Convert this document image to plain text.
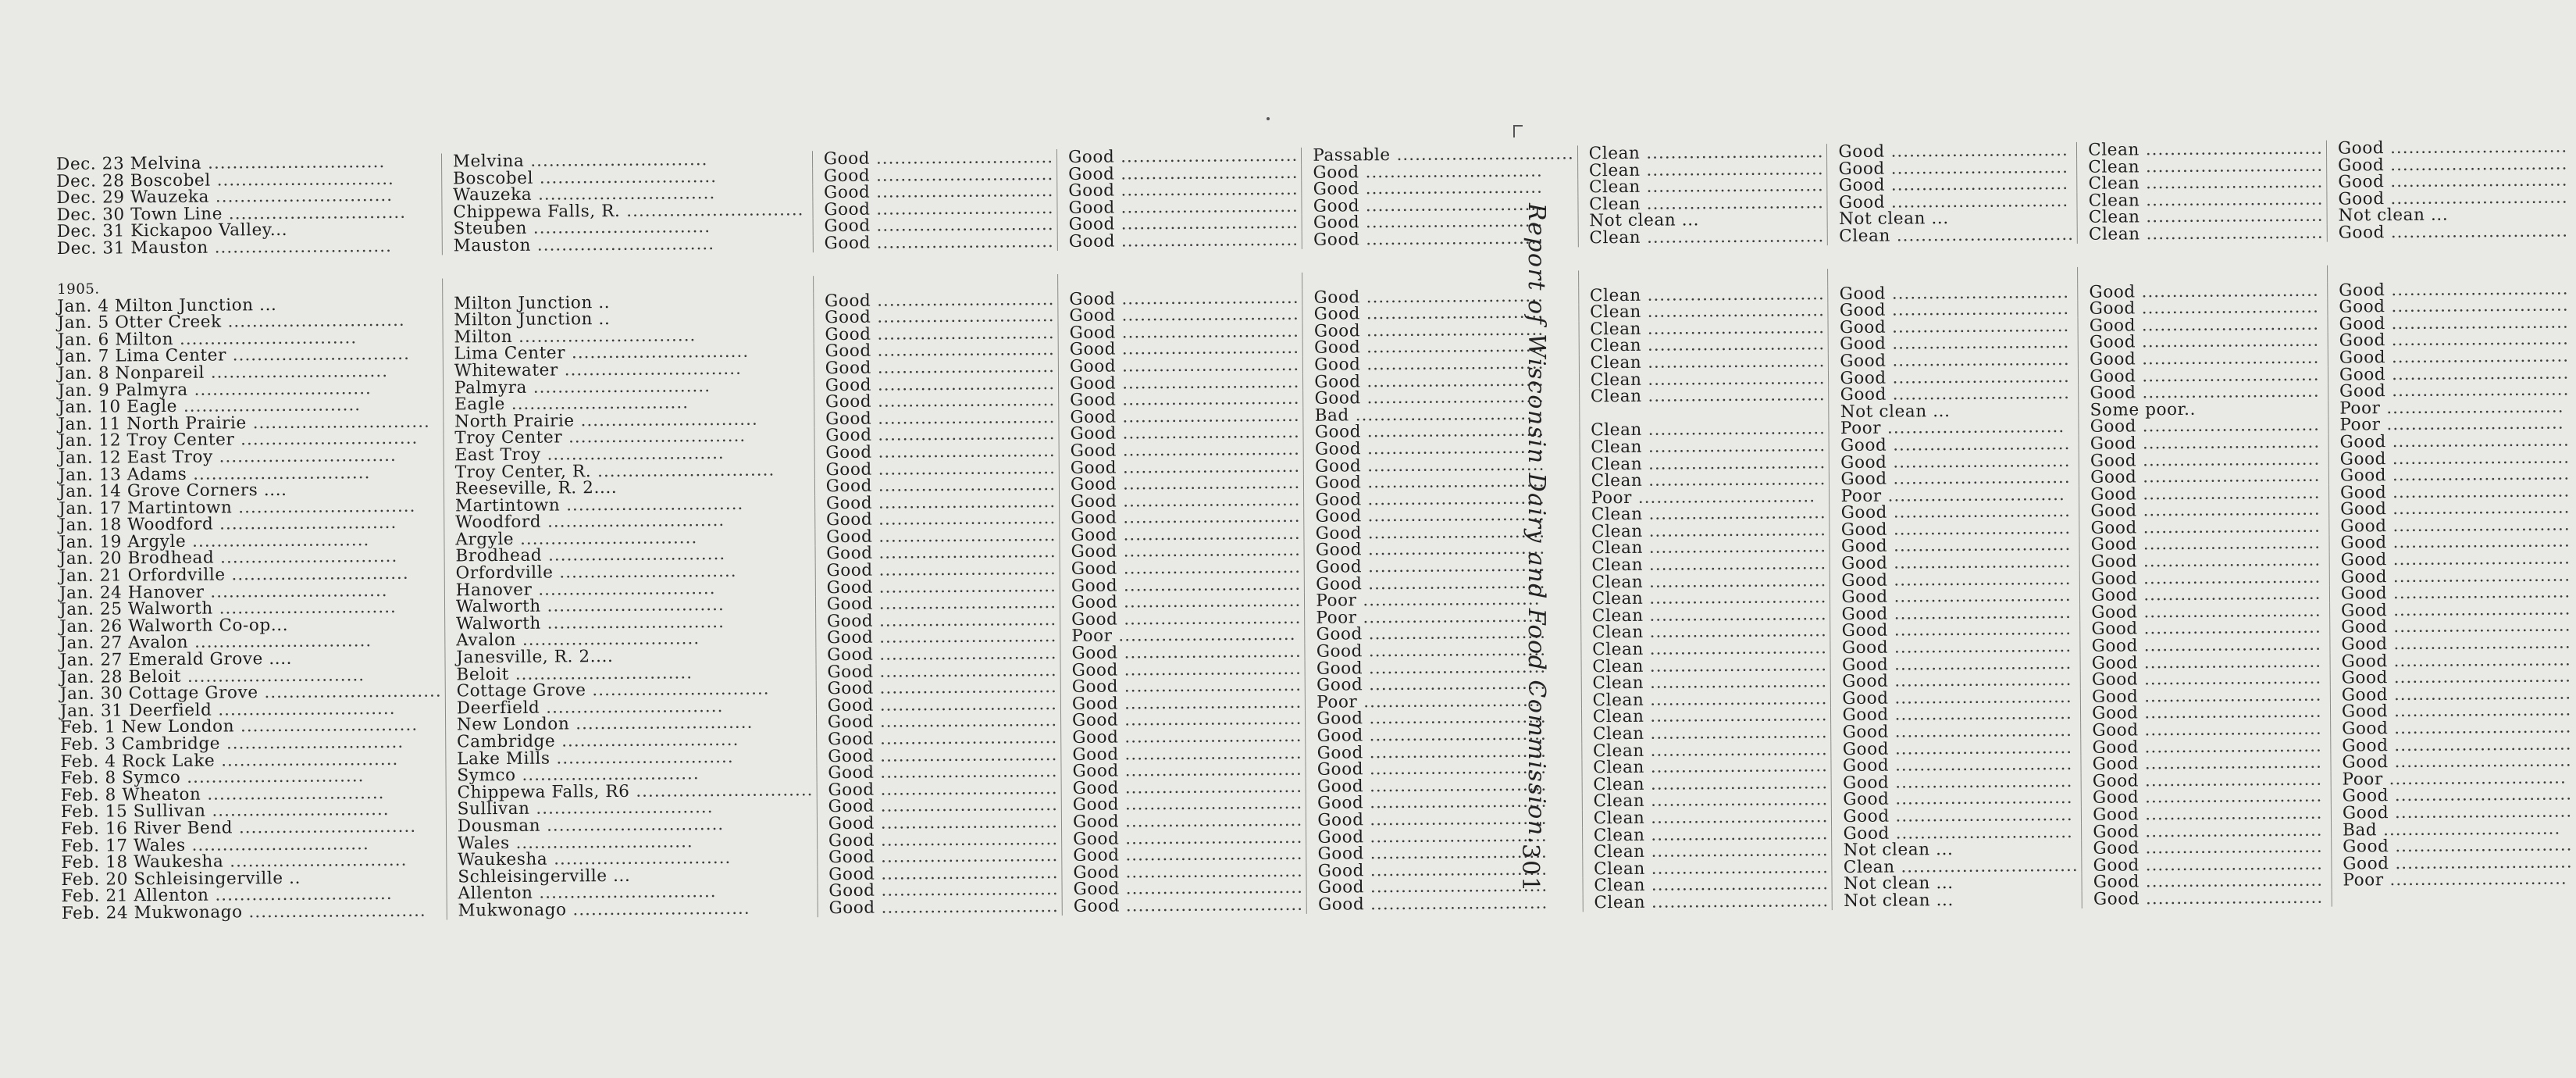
Dec. 23 Melvina .....	Melvina .....	Good .....	Good .....	Passable .....	Clean .....	Good .....	Clean .....	Good .....

Dec. 28 Boscobel .....	Boscobel .....	Good .....	Good .....	Good .....	Clean .....	Good .....	Clean .....	Good .....

Dec. 29 Wauzeka .....	Wauzeka .....	Good .....	Good .....	Good .....	Clean .....	Good .....	Clean .....	Good .....

Dec. 30 Town Line .....	Chippewa Falls, R. .....	Good .....	Good .....	Good .....	Clean .....	Good .....	Clean .....	Good .....

Dec. 31 Kickapoo Valley...	Steuben .....	Good .....	Good .....	Good .....	Not clean ...	Not clean ...	Clean .....	Not clean ...

Dec. 31 Mauston .....	Mauston .....	Good .....	Good .....	Good .....	Clean .....	Clean .....	Clean .....	Good .....

1905.								

Jan. 4 Milton Junction ...	Milton Junction ..	Good .....	Good .....	Good .....	Clean .....	Good .....	Good .....	Good .....

Jan. 5 Otter Creek .....	Milton Junction ..	Good .....	Good .....	Good .....	Clean .....	Good .....	Good .....	Good .....

Jan. 6 Milton .....	Milton .....	Good .....	Good .....	Good .....	Clean .....	Good .....	Good .....	Good .....

Jan. 7 Lima Center .....	Lima Center .....	Good .....	Good .....	Good .....	Clean .....	Good .....	Good .....	Good .....

Jan. 8 Nonpareil .....	Whitewater .....	Good .....	Good .....	Good .....	Clean .....	Good .....	Good .....	Good .....

Jan. 9 Palmyra .....	Palmyra .....	Good .....	Good .....	Good .....	Clean .....	Good .....	Good .....	Good .....

Jan. 10 Eagle .....	Eagle .....	Good .....	Good .....	Good .....	Clean .....	Good .....	Good .....	Good .....

Jan. 11 North Prairie .....	North Prairie .....	Good .....	Good .....	Bad .....		Not clean ...	Some poor..	Poor .....

Jan. 12 Troy Center .....	Troy Center .....	Good .....	Good .....	Good .....	Clean .....	Poor .....	Good .....	Poor .....

Jan. 12 East Troy .....	East Troy .....	Good .....	Good .....	Good .....	Clean .....	Good .....	Good .....	Good .....

Jan. 13 Adams .....	Troy Center, R. .....	Good .....	Good .....	Good .....	Clean .....	Good .....	Good .....	Good .....

Jan. 14 Grove Corners ....	Reeseville, R. 2....	Good .....	Good .....	Good .....	Clean .....	Good .....	Good .....	Good .....

Jan. 17 Martintown .....	Martintown .....	Good .....	Good .....	Good .....	Poor .....	Poor .....	Good .....	Good .....

Jan. 18 Woodford .....	Woodford .....	Good .....	Good .....	Good .....	Clean .....	Good .....	Good .....	Good .....

Jan. 19 Argyle .....	Argyle .....	Good .....	Good .....	Good .....	Clean .....	Good .....	Good .....	Good .....

Jan. 20 Brodhead .....	Brodhead .....	Good .....	Good .....	Good .....	Clean .....	Good .....	Good .....	Good .....

Jan. 21 Orfordville .....	Orfordville .....	Good .....	Good .....	Good .....	Clean .....	Good .....	Good .....	Good .....

Jan. 24 Hanover .....	Hanover .....	Good .....	Good .....	Good .....	Clean .....	Good .....	Good .....	Good .....

Jan. 25 Walworth .....	Walworth .....	Good .....	Good .....	Poor .....	Clean .....	Good .....	Good .....	Good .....

Jan. 26 Walworth Co-op...	Walworth .....	Good .....	Good .....	Poor .....	Clean .....	Good .....	Good .....	Good .....

Jan. 27 Avalon .....	Avalon .....	Good .....	Poor .....	Good .....	Clean .....	Good .....	Good .....	Good .....

Jan. 27 Emerald Grove ....	Janesville, R. 2....	Good .....	Good .....	Good .....	Clean .....	Good .....	Good .....	Good .....

Jan. 28 Beloit .....	Beloit .....	Good .....	Good .....	Good .....	Clean .....	Good .....	Good .....	Good .....

Jan. 30 Cottage Grove .....	Cottage Grove .....	Good .....	Good .....	Good .....	Clean .....	Good .....	Good .....	Good .....

Jan. 31 Deerfield .....	Deerfield .....	Good .....	Good .....	Poor .....	Clean .....	Good .....	Good .....	Good .....

Feb. 1 New London .....	New London .....	Good .....	Good .....	Good .....	Clean .....	Good .....	Good .....	Good .....

Feb. 3 Cambridge .....	Cambridge .....	Good .....	Good .....	Good .....	Clean .....	Good .....	Good .....	Good .....

Feb. 4 Rock Lake .....	Lake Mills .....	Good .....	Good .....	Good .....	Clean .....	Good .....	Good .....	Good .....

Feb. 8 Symco .....	Symco .....	Good .....	Good .....	Good .....	Clean .....	Good .....	Good .....	Good .....

Feb. 8 Wheaton .....	Chippewa Falls, R6 .....	Good .....	Good .....	Good .....	Clean .....	Good .....	Good .....	Poor .....

Feb. 15 Sullivan .....	Sullivan .....	Good .....	Good .....	Good .....	Clean .....	Good .....	Good .....	Good .....

Feb. 16 River Bend .....	Dousman .....	Good .....	Good .....	Good .....	Clean .....	Good .....	Good .....	Good .....

Feb. 17 Wales .....	Wales .....	Good .....	Good .....	Good .....	Clean .....	Good .....	Good .....	Bad .....

Feb. 18 Waukesha .....	Waukesha .....	Good .....	Good .....	Good .....	Clean .....	Not clean ...	Good .....	Good .....

Feb. 20 Schleisingerville ..	Schleisingerville ...	Good .....	Good .....	Good .....	Clean .....	Clean .....	Good .....	Good .....

Feb. 21 Allenton .....	Allenton .....	Good .....	Good .....	Good .....	Clean .....	Not clean ...	Good .....	Poor .....

Feb. 24 Mukwonago .....	Mukwonago .....	Good .....	Good .....	Good .....	Clean .....	Not clean ...	Good .....

Report of Wisconsin Dairy and Food Commission.
301
